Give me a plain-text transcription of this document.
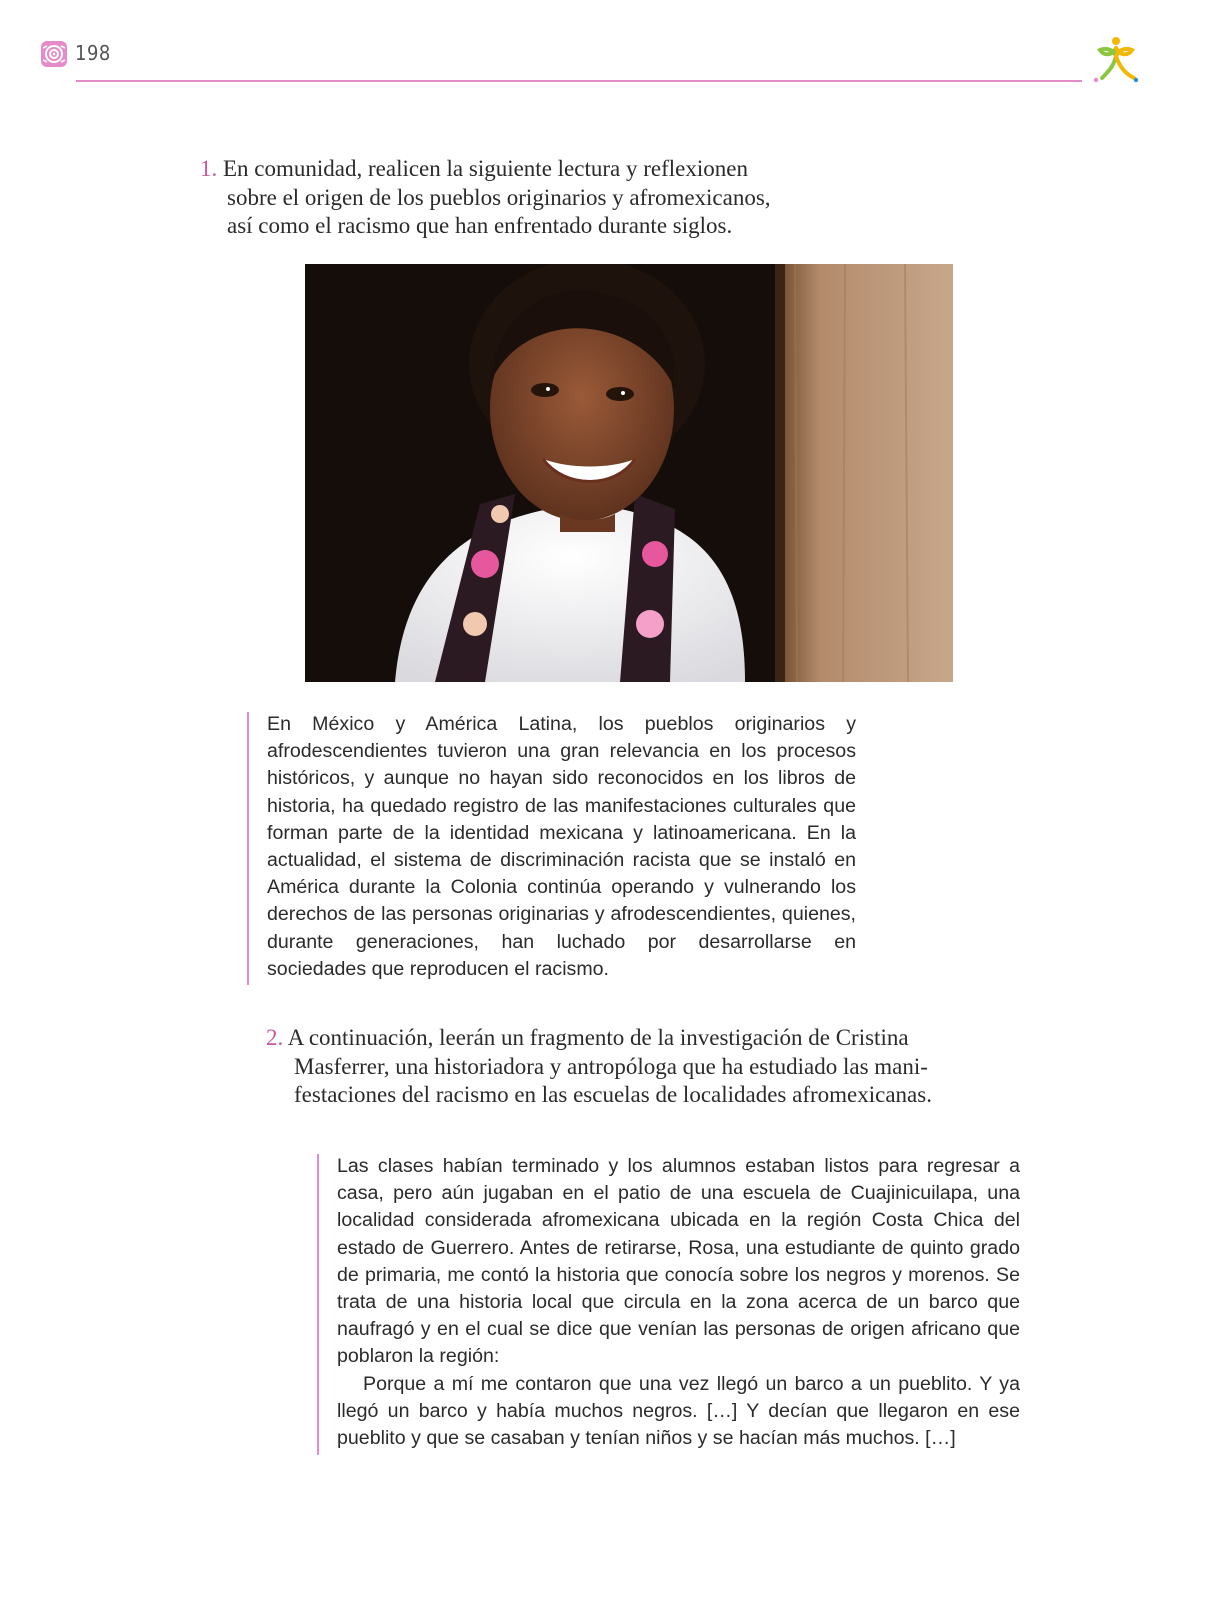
198
1. En comunidad, realicen la siguiente lectura y reflexionen
sobre el origen de los pueblos originarios y afromexicanos,
así como el racismo que han enfrentado durante siglos.
En México y América Latina, los pueblos originarios y afrodescendientes tuvieron una gran relevancia en los procesos históricos, y aunque no hayan sido reconocidos en los libros de historia, ha quedado registro de las manifestaciones culturales que forman parte de la identidad mexicana y latinoamericana. En la actualidad, el sistema de discriminación racista que se instaló en América durante la Colonia continúa operando y vulnerando los derechos de las personas originarias y afrodescendientes, quienes, durante generaciones, han luchado por desarrollarse en sociedades que reproducen el racismo.
2. A continuación, leerán un fragmento de la investigación de Cristina
Masferrer, una historiadora y antropóloga que ha estudiado las mani-
festaciones del racismo en las escuelas de localidades afromexicanas.

Las clases habían terminado y los alumnos estaban listos para regresar a casa, pero aún jugaban en el patio de una escuela de Cuajinicuilapa, una localidad considerada afromexicana ubicada en la región Costa Chica del estado de Guerrero. Antes de retirarse, Rosa, una estudiante de quinto grado de primaria, me contó la historia que conocía sobre los negros y morenos. Se trata de una historia local que circula en la zona acerca de un barco que naufragó y en el cual se dice que venían las personas de origen africano que poblaron la región:

Porque a mí me contaron que una vez llegó un barco a un pueblito. Y ya llegó un barco y había muchos negros. […] Y decían que llegaron en ese pueblito y que se casaban y tenían niños y se hacían más muchos. […]
